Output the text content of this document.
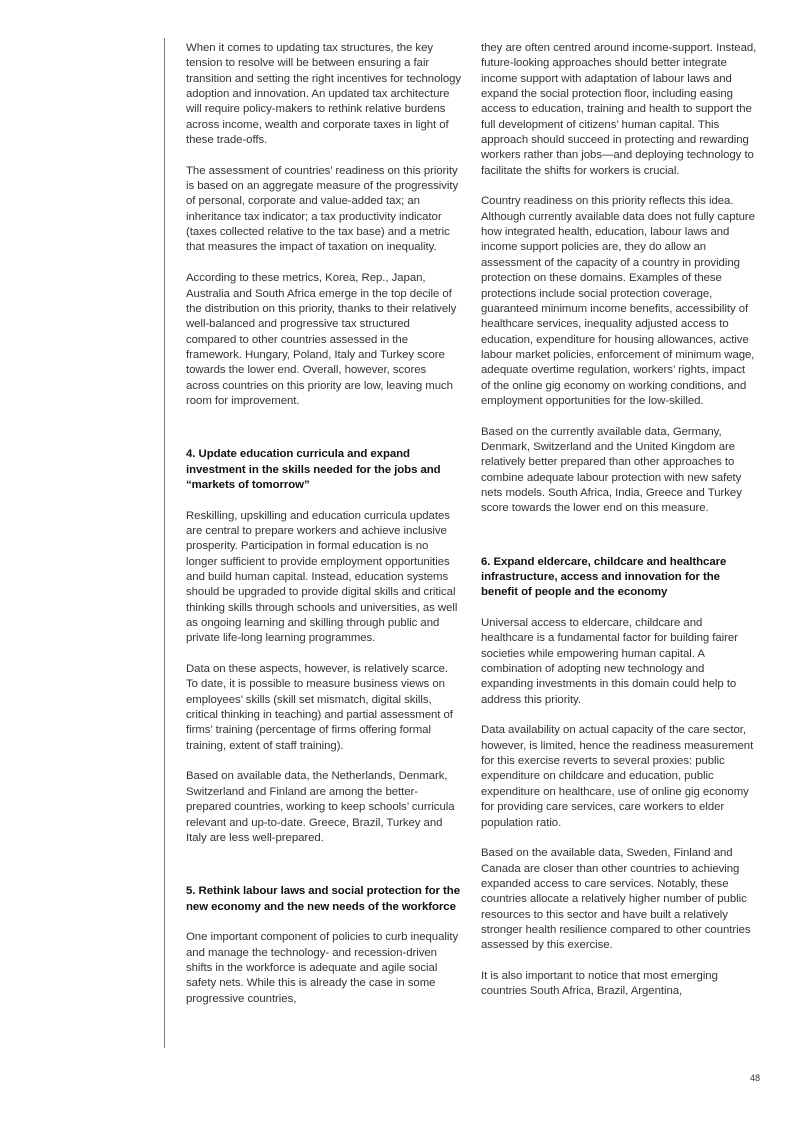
When it comes to updating tax structures, the key tension to resolve will be between ensuring a fair transition and setting the right incentives for technology adoption and innovation. An updated tax architecture will require policy-makers to rethink relative burdens across income, wealth and corporate taxes in light of these trade-offs.

The assessment of countries’ readiness on this priority is based on an aggregate measure of the progressivity of personal, corporate and value-added tax; an inheritance tax indicator; a tax productivity indicator (taxes collected relative to the tax base) and a metric that measures the impact of taxation on inequality.

According to these metrics, Korea, Rep., Japan, Australia and South Africa emerge in the top decile of the distribution on this priority, thanks to their relatively well-balanced and progressive tax structured compared to other countries assessed in the framework. Hungary, Poland, Italy and Turkey score towards the lower end. Overall, however, scores across countries on this priority are low, leaving much room for improvement.

4. Update education curricula and expand investment in the skills needed for the jobs and “markets of tomorrow”

Reskilling, upskilling and education curricula updates are central to prepare workers and achieve inclusive prosperity. Participation in formal education is no longer sufficient to provide employment opportunities and build human capital. Instead, education systems should be upgraded to provide digital skills and critical thinking skills through schools and universities, as well as ongoing learning and skilling through public and private life-long learning programmes.

Data on these aspects, however, is relatively scarce. To date, it is possible to measure business views on employees’ skills (skill set mismatch, digital skills, critical thinking in teaching) and partial assessment of firms’ training (percentage of firms offering formal training, extent of staff training).

Based on available data, the Netherlands, Denmark, Switzerland and Finland are among the better-prepared countries, working to keep schools’ curricula relevant and up-to-date. Greece, Brazil, Turkey and Italy are less well-prepared.

5. Rethink labour laws and social protection for the new economy and the new needs of the workforce

One important component of policies to curb inequality and manage the technology- and recession-driven shifts in the workforce is adequate and agile social safety nets. While this is already the case in some progressive countries,

they are often centred around income-support. Instead, future-looking approaches should better integrate income support with adaptation of labour laws and expand the social protection floor, including easing access to education, training and health to support the full development of citizens’ human capital. This approach should succeed in protecting and rewarding workers rather than jobs—and deploying technology to facilitate the shifts for workers is crucial.

Country readiness on this priority reflects this idea. Although currently available data does not fully capture how integrated health, education, labour laws and income support policies are, they do allow an assessment of the capacity of a country in providing protection on these domains. Examples of these protections include social protection coverage, guaranteed minimum income benefits, accessibility of healthcare services, inequality adjusted access to education, expenditure for housing allowances, active labour market policies, enforcement of minimum wage, adequate overtime regulation, workers’ rights, impact of the online gig economy on working conditions, and employment opportunities for the low-skilled.

Based on the currently available data, Germany, Denmark, Switzerland and the United Kingdom are relatively better prepared than other approaches to combine adequate labour protection with new safety nets models. South Africa, India, Greece and Turkey score towards the lower end on this measure.

6. Expand eldercare, childcare and healthcare infrastructure, access and innovation for the benefit of people and the economy

Universal access to eldercare, childcare and healthcare is a fundamental factor for building fairer societies while empowering human capital. A combination of adopting new technology and expanding investments in this domain could help to address this priority.

Data availability on actual capacity of the care sector, however, is limited, hence the readiness measurement for this exercise reverts to several proxies: public expenditure on childcare and education, public expenditure on healthcare, use of online gig economy for providing care services, care workers to elder population ratio.

Based on the available data, Sweden, Finland and Canada are closer than other countries to achieving expanded access to care services. Notably, these countries allocate a relatively higher number of public resources to this sector and have built a relatively stronger health resilience compared to other countries assessed by this exercise.

It is also important to notice that most emerging countries South Africa, Brazil, Argentina,

48
